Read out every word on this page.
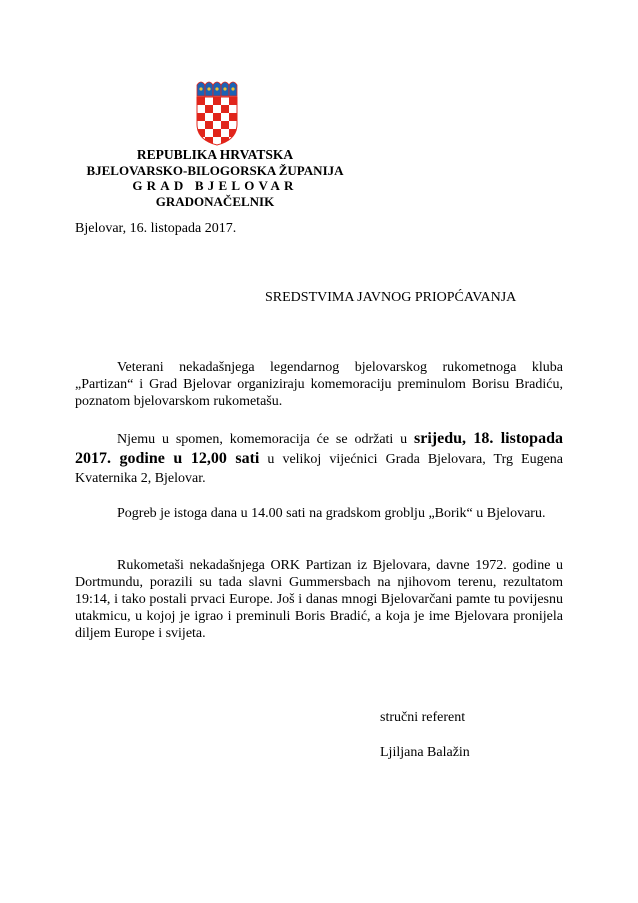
REPUBLIKA HRVATSKA
BJELOVARSKO-BILOGORSKA ŽUPANIJA
GRAD BJELOVAR
GRADONAČELNIK
Bjelovar, 16. listopada 2017.
SREDSTVIMA JAVNOG PRIOPĆAVANJA

Veterani nekadašnjega legendarnog bjelovarskog rukometnoga kluba „Partizan“ i Grad Bjelovar organiziraju komemoraciju preminulom Borisu Bradiću, poznatom bjelovarskom rukometašu.

Njemu u spomen, komemoracija će se održati u srijedu, 18. listopada 2017. godine u 12,00 sati u velikoj vijećnici Grada Bjelovara, Trg Eugena Kvaternika 2, Bjelovar.

Pogreb je istoga dana u 14.00 sati na gradskom groblju „Borik“ u Bjelovaru.

Rukometaši nekadašnjega ORK Partizan iz Bjelovara, davne 1972. godine u Dortmundu, porazili su tada slavni Gummersbach na njihovom terenu, rezultatom 19:14, i tako postali prvaci Europe. Još i danas mnogi Bjelovarčani pamte tu povijesnu utakmicu, u kojoj je igrao i preminuli Boris Bradić, a koja je ime Bjelovara pronijela diljem Europe i svijeta.

stručni referent
Ljiljana Balažin
